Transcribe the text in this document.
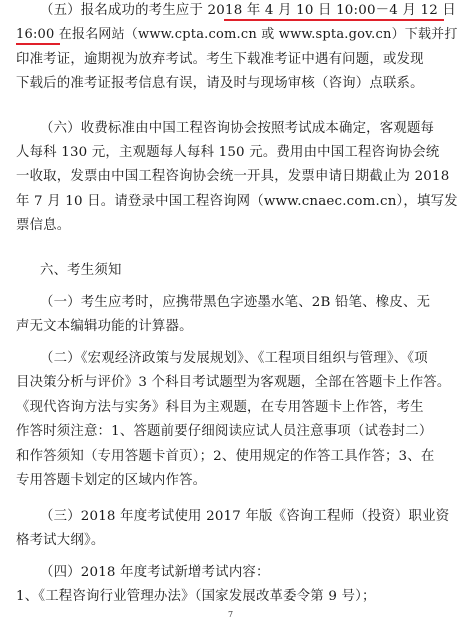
（五）报名成功的考生应于 2018 年 4 月 10 日 10:00－4 月 12 日
16:00 在报名网站（www.cpta.com.cn 或 www.spta.gov.cn）下载并打
印准考证，逾期视为放弃考试。考生下载准考证中遇有问题，或发现
下载后的准考证报考信息有误，请及时与现场审核（咨询）点联系。
（六）收费标准由中国工程咨询协会按照考试成本确定，客观题每
人每科 130 元，主观题每人每科 150 元。费用由中国工程咨询协会统
一收取，发票由中国工程咨询协会统一开具，发票申请日期截止为 2018
年 7 月 10 日。请登录中国工程咨询网（www.cnaec.com.cn），填写发
票信息。
六、考生须知
（一）考生应考时，应携带黑色字迹墨水笔、2B 铅笔、橡皮、无
声无文本编辑功能的计算器。
（二）《宏观经济政策与发展规划》、《工程项目组织与管理》、《项
目决策分析与评价》3 个科目考试题型为客观题，全部在答题卡上作答。
《现代咨询方法与实务》科目为主观题，在专用答题卡上作答，考生
作答时须注意：1、答题前要仔细阅读应试人员注意事项（试卷封二）
和作答须知（专用答题卡首页）；2、使用规定的作答工具作答；3、在
专用答题卡划定的区域内作答。
（三）2018 年度考试使用 2017 年版《咨询工程师（投资）职业资
格考试大纲》。
（四）2018 年度考试新增考试内容：
1、《工程咨询行业管理办法》（国家发展改革委令第 9 号）；
7
